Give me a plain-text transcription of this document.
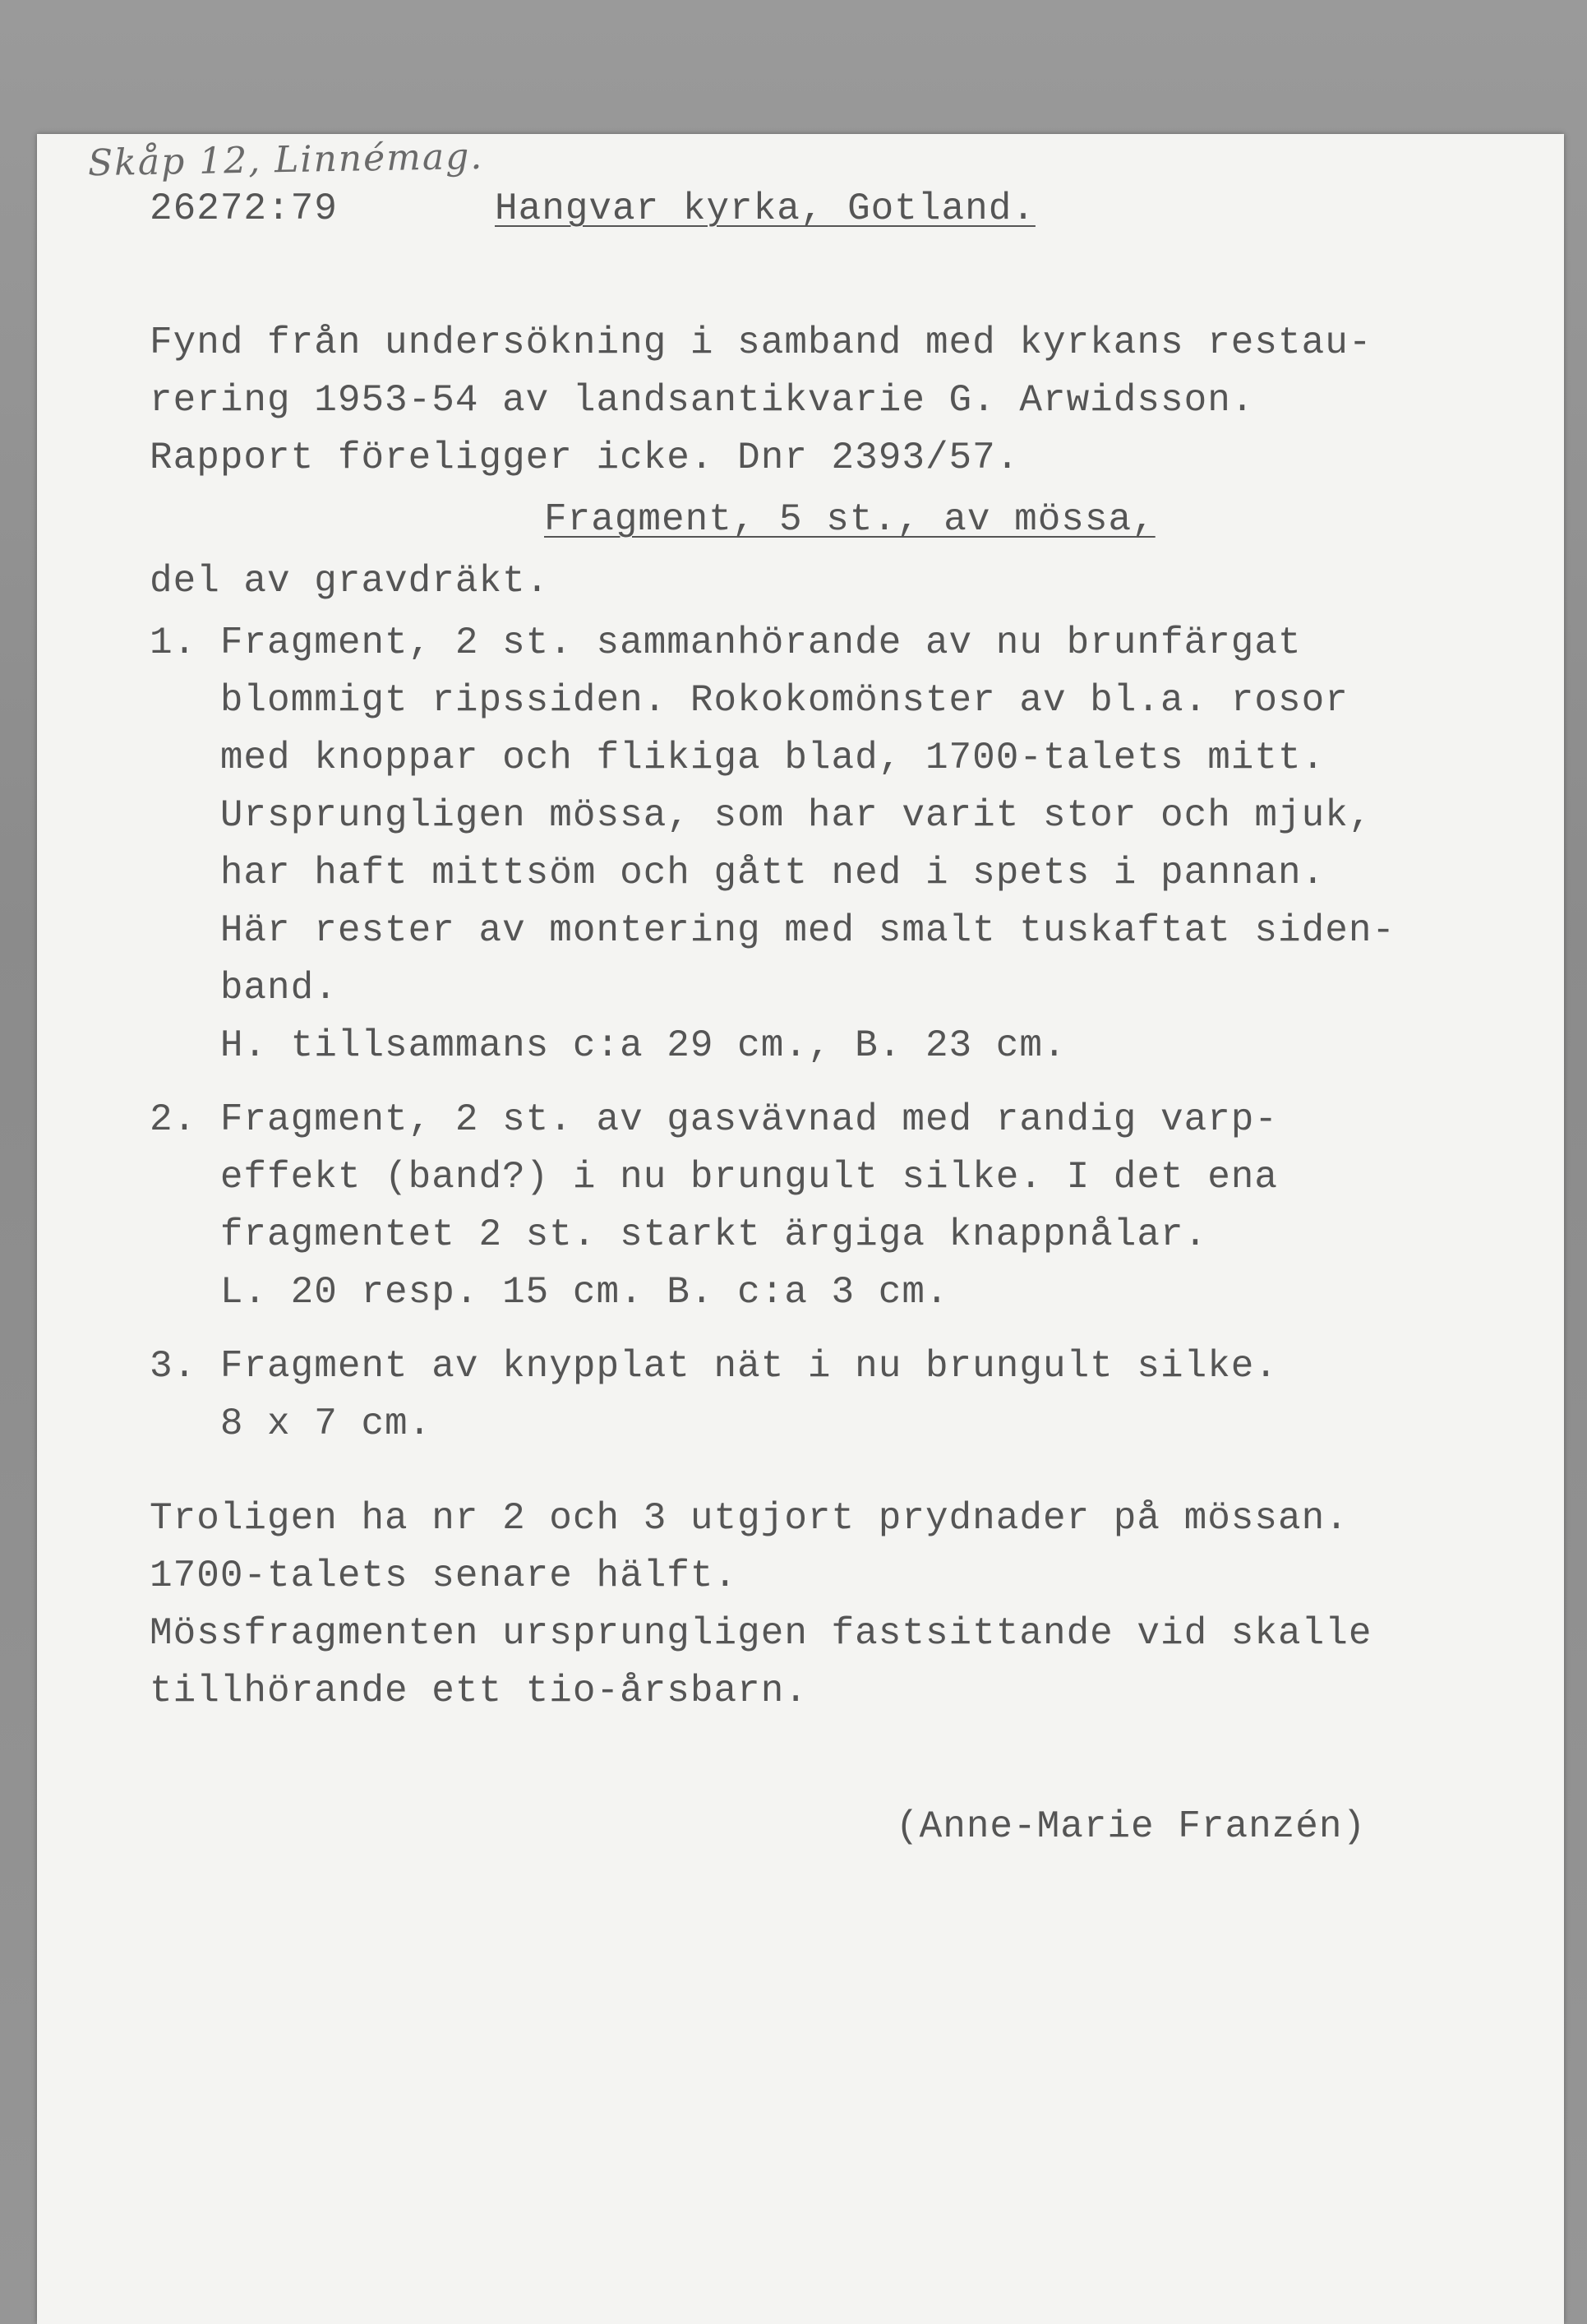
Skåp 12, Linnémag.
26272:79	Hangvar kyrka, Gotland.
Fynd från undersökning i samband med kyrkans restau-
rering 1953-54 av landsantikvarie G. Arwidsson.
Rapport föreligger icke. Dnr 2393/57.
Fragment, 5 st., av mössa,
del av gravdräkt.
1. Fragment, 2 st. sammanhörande av nu brunfärgat
blommigt ripssiden. Rokokomönster av bl.a. rosor
med knoppar och flikiga blad, 1700-talets mitt.
Ursprungligen mössa, som har varit stor och mjuk,
har haft mittsöm och gått ned i spets i pannan.
Här rester av montering med smalt tuskaftat siden-
band.
H. tillsammans c:a 29 cm., B. 23 cm.
2. Fragment, 2 st. av gasvävnad med randig varp-
effekt (band?) i nu brungult silke. I det ena
fragmentet 2 st. starkt ärgiga knappnålar.
L. 20 resp. 15 cm. B. c:a 3 cm.
3. Fragment av knypplat nät i nu brungult silke.
8 x 7 cm.
Troligen ha nr 2 och 3 utgjort prydnader på mössan.
1700-talets senare hälft.
Mössfragmenten ursprungligen fastsittande vid skalle
tillhörande ett tio-årsbarn.
(Anne-Marie Franzén)
